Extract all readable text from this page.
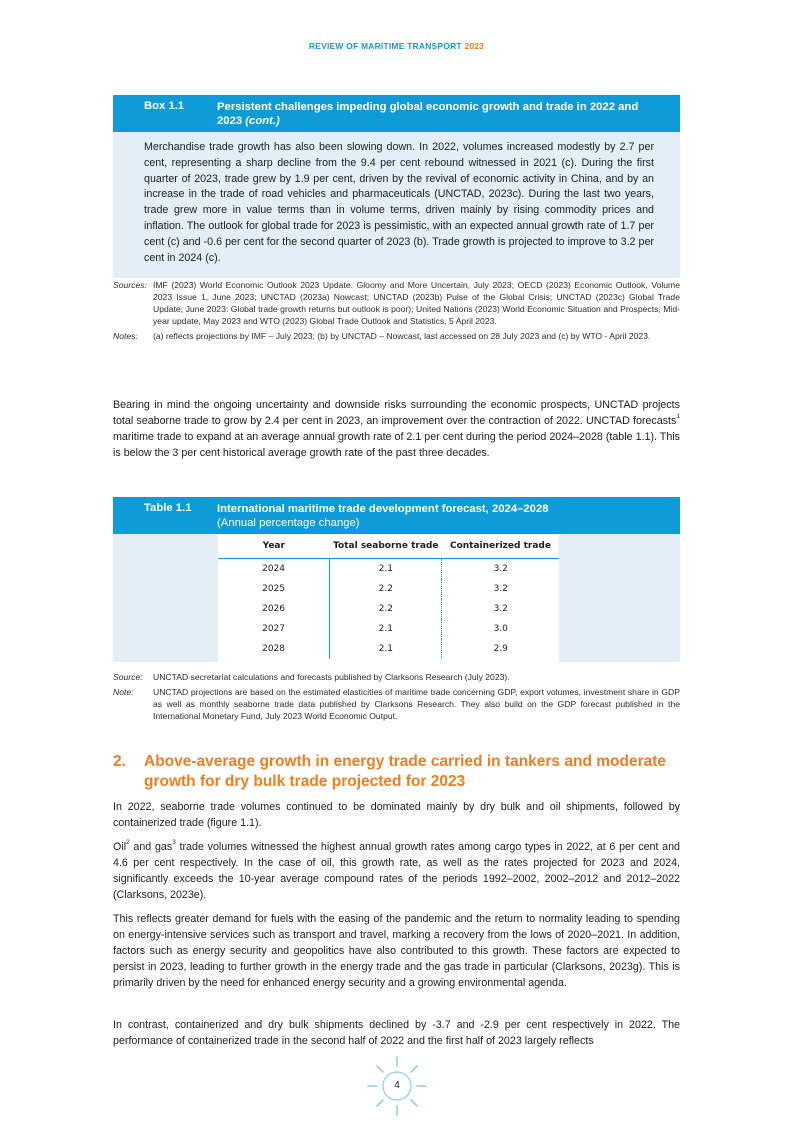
REVIEW OF MARITIME TRANSPORT 2023
Box 1.1	Persistent challenges impeding global economic growth and trade in 2022 and 2023 (cont.)
Merchandise trade growth has also been slowing down. In 2022, volumes increased modestly by 2.7 per cent, representing a sharp decline from the 9.4 per cent rebound witnessed in 2021 (c). During the first quarter of 2023, trade grew by 1.9 per cent, driven by the revival of economic activity in China, and by an increase in the trade of road vehicles and pharmaceuticals (UNCTAD, 2023c). During the last two years, trade grew more in value terms than in volume terms, driven mainly by rising commodity prices and inflation. The outlook for global trade for 2023 is pessimistic, with an expected annual growth rate of 1.7 per cent (c) and -0.6 per cent for the second quarter of 2023 (b). Trade growth is projected to improve to 3.2 per cent in 2024 (c).
Sources: IMF (2023) World Economic Outlook 2023 Update. Gloomy and More Uncertain, July 2023; OECD (2023) Economic Outlook, Volume 2023 Issue 1, June 2023; UNCTAD (2023a) Nowcast; UNCTAD (2023b) Pulse of the Global Crisis; UNCTAD (2023c) Global Trade Update, June 2023: Global trade growth returns but outlook is poor); United Nations (2023) World Economic Situation and Prospects, Mid-year update, May 2023 and WTO (2023) Global Trade Outlook and Statistics, 5 April 2023.
Notes:	(a) reflects projections by IMF – July 2023; (b) by UNCTAD – Nowcast, last accessed on 28 July 2023 and (c) by WTO - April 2023.
Bearing in mind the ongoing uncertainty and downside risks surrounding the economic prospects, UNCTAD projects total seaborne trade to grow by 2.4 per cent in 2023, an improvement over the contraction of 2022. UNCTAD forecasts$^1$ maritime trade to expand at an average annual growth rate of 2.1 per cent during the period 2024–2028 (table 1.1). This is below the 3 per cent historical average growth rate of the past three decades.
Table 1.1 International maritime trade development forecast, 2024–2028
(Annual percentage change)
Year	Total seaborne trade	Containerized trade
2024	2.1	3.2
2025	2.2	3.2
2026	2.2	3.2
2027	2.1	3.0
2028	2.1	2.9
Source:	UNCTAD secretariat calculations and forecasts published by Clarksons Research (July 2023).
Note:	UNCTAD projections are based on the estimated elasticities of maritime trade concerning GDP, export volumes, investment share in GDP as well as monthly seaborne trade data published by Clarksons Research. They also build on the GDP forecast published in the International Monetary Fund, July 2023 World Economic Output.
2. Above-average growth in energy trade carried in tankers and moderate growth for dry bulk trade projected for 2023
In 2022, seaborne trade volumes continued to be dominated mainly by dry bulk and oil shipments, followed by containerized trade (figure 1.1).
Oil$^2$ and gas$^3$ trade volumes witnessed the highest annual growth rates among cargo types in 2022, at 6 per cent and 4.6 per cent respectively. In the case of oil, this growth rate, as well as the rates projected for 2023 and 2024, significantly exceeds the 10-year average compound rates of the periods 1992–2002, 2002–2012 and 2012–2022 (Clarksons, 2023e).
This reflects greater demand for fuels with the easing of the pandemic and the return to normality leading to spending on energy-intensive services such as transport and travel, marking a recovery from the lows of 2020–2021. In addition, factors such as energy security and geopolitics have also contributed to this growth. These factors are expected to persist in 2023, leading to further growth in the energy trade and the gas trade in particular (Clarksons, 2023g). This is primarily driven by the need for enhanced energy security and a growing environmental agenda.
In contrast, containerized and dry bulk shipments declined by -3.7 and -2.9 per cent respectively in 2022. The performance of containerized trade in the second half of 2022 and the first half of 2023 largely reflects
4
